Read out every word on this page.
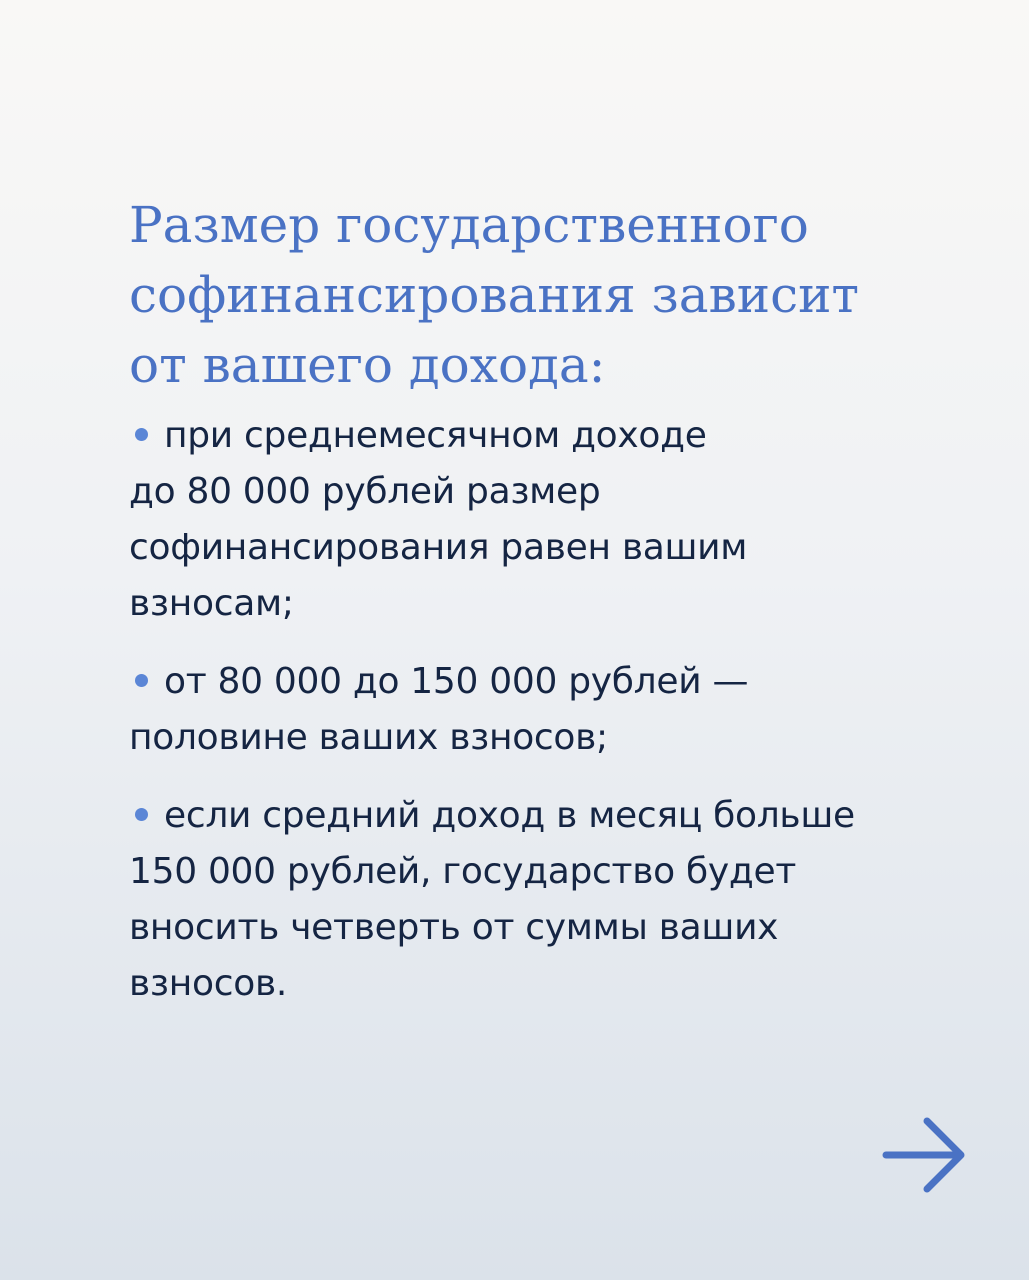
Размер государственного
софинансирования зависит
от вашего дохода:
при среднемесячном доходе
до 80 000 рублей размер
софинансирования равен вашим
взносам;
от 80 000 до 150 000 рублей —
половине ваших взносов;
если средний доход в месяц больше
150 000 рублей, государство будет
вносить четверть от суммы ваших
взносов.
